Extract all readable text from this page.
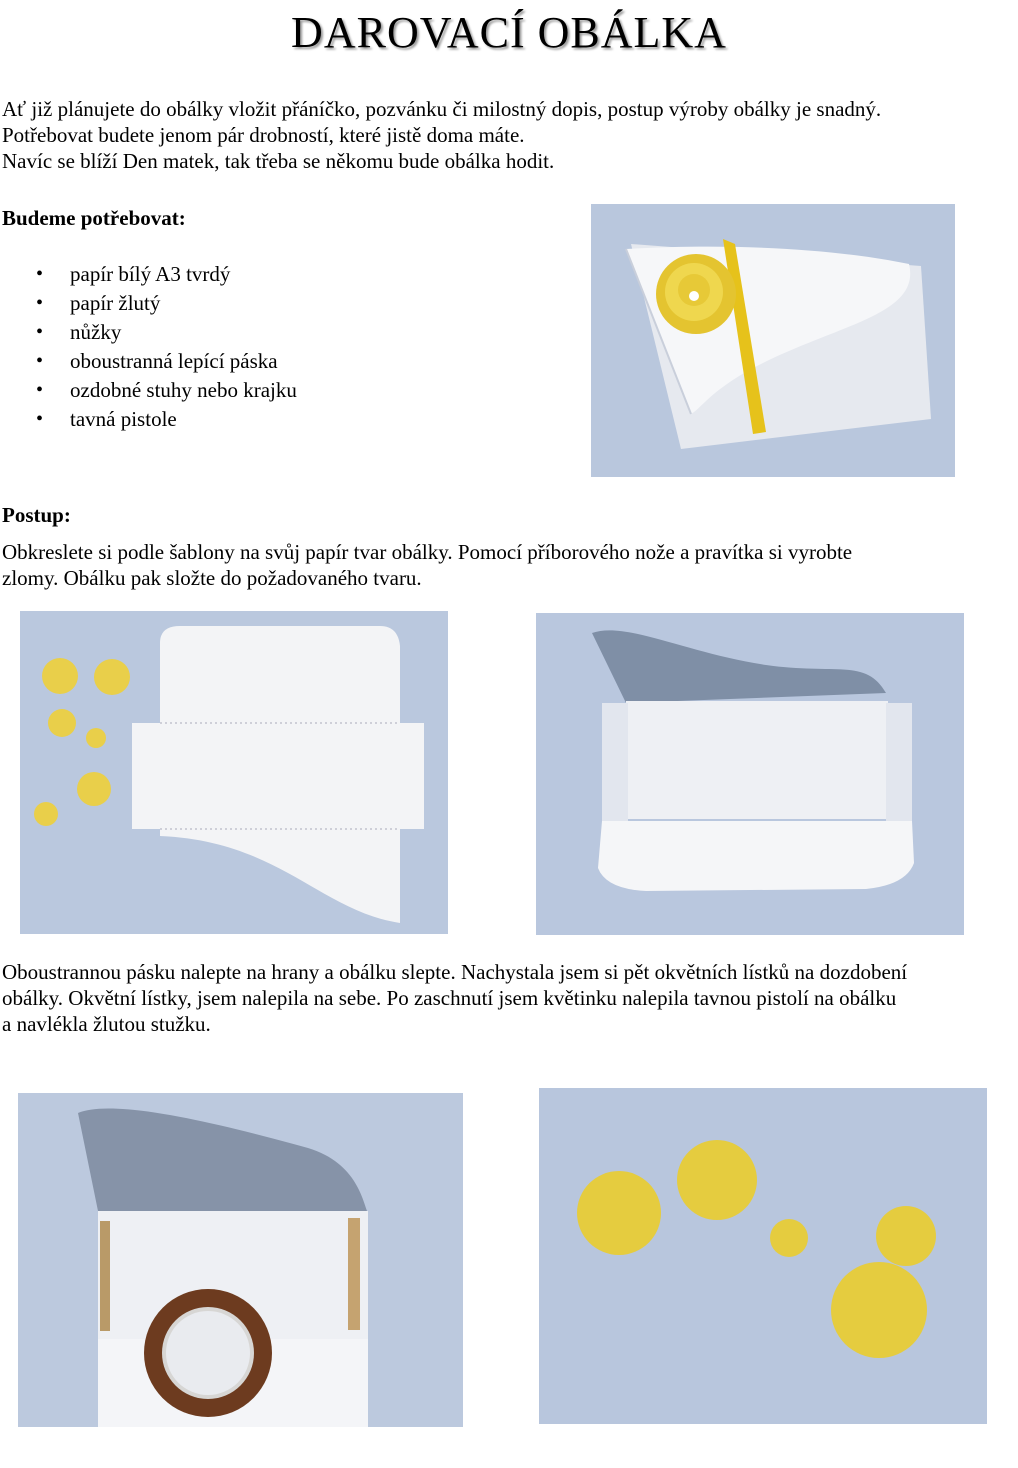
DAROVACÍ OBÁLKA

Ať již plánujete do obálky vložit přáníčko, pozvánku či milostný dopis, postup výroby obálky je snadný.

Potřebovat budete jenom pár drobností, které jistě doma máte.

Navíc se blíží Den matek, tak třeba se někomu bude obálka hodit.

Budeme potřebovat:
• papír bílý A3 tvrdý
• papír žlutý
• nůžky
• oboustranná lepící páska
• ozdobné stuhy nebo krajku
• tavná pistole
Postup:

Obkreslete si podle šablony na svůj papír tvar obálky. Pomocí příborového nože a pravítka si vyrobte

zlomy. Obálku pak složte do požadovaného tvaru.

Oboustrannou pásku nalepte na hrany a obálku slepte. Nachystala jsem si pět okvětních lístků na dozdobení

obálky. Okvětní lístky, jsem nalepila na sebe. Po zaschnutí jsem květinku nalepila tavnou pistolí na obálku

a navlékla žlutou stužku.
